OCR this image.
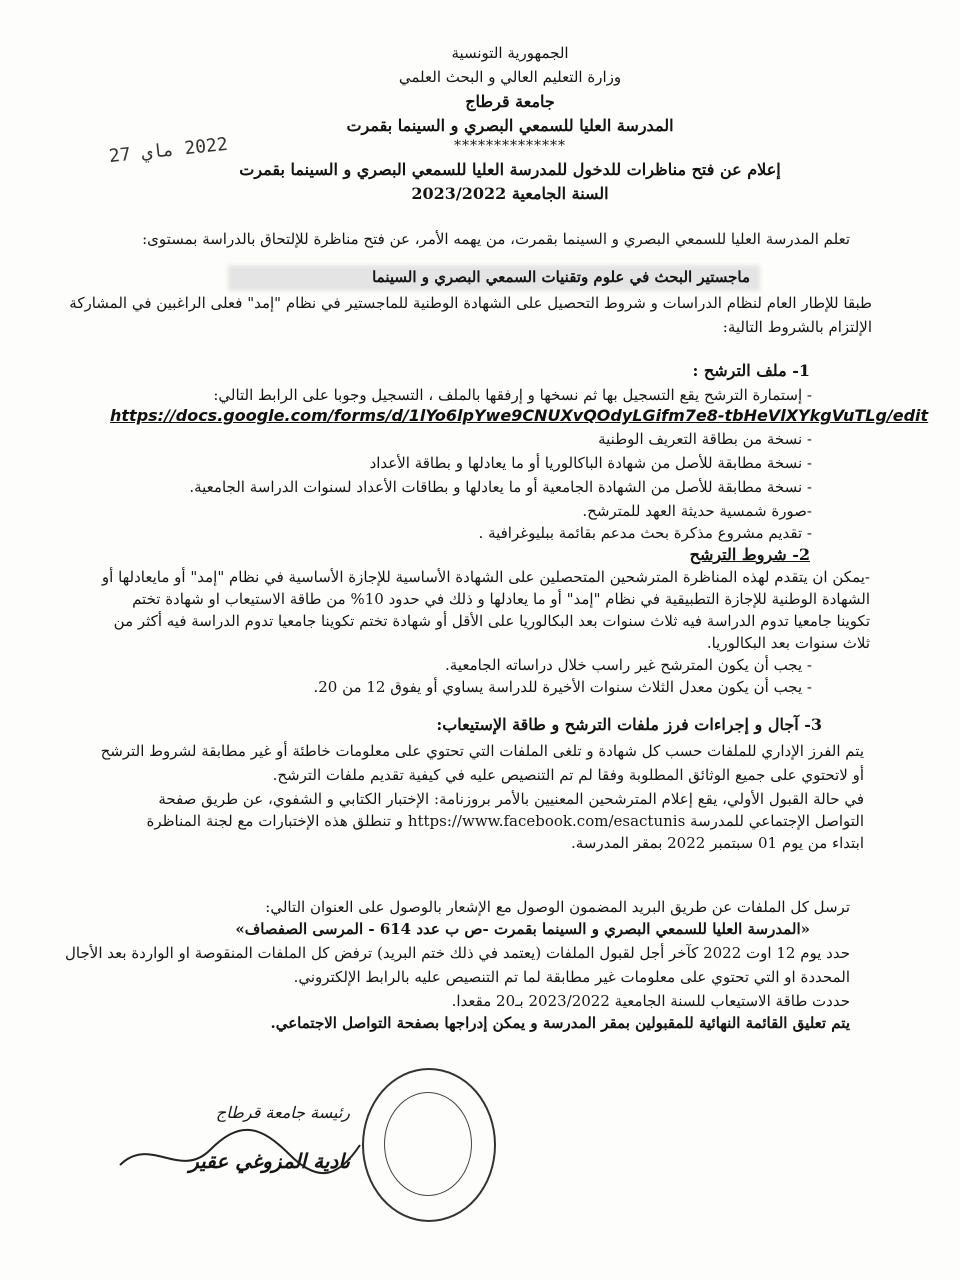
الجمهورية التونسية
وزارة التعليم العالي و البحث العلمي
جامعة قرطاج
المدرسة العليا للسمعي البصري و السينما بقمرت
**************
2022 ماي 27
إعلام عن فتح مناظرات للدخول للمدرسة العليا للسمعي البصري و السينما بقمرت
السنة الجامعية 2023/2022
تعلم المدرسة العليا للسمعي البصري و السينما بقمرت، من يهمه الأمر، عن فتح مناظرة للإلتحاق بالدراسة بمستوى:
ماجستير البحث في علوم وتقنيات السمعي البصري و السينما
طبقا للإطار العام لنظام الدراسات و شروط التحصيل على الشهادة الوطنية للماجستير في نظام "إمد" فعلى الراغبين في المشاركة
الإلتزام بالشروط التالية:
1- ملف الترشح :
- إستمارة الترشح يقع التسجيل بها ثم نسخها و إرفقها بالملف ، التسجيل وجوبا على الرابط التالي:
https://docs.google.com/forms/d/1lYo6lpYwe9CNUXvQOdyLGifm7e8-tbHeVlXYkgVuTLg/edit
- نسخة من بطاقة التعريف الوطنية
- نسخة مطابقة للأصل من شهادة الباكالوريا أو ما يعادلها و بطاقة الأعداد
- نسخة مطابقة للأصل من الشهادة الجامعية أو ما يعادلها و بطاقات الأعداد لسنوات الدراسة الجامعية.
-صورة شمسية حديثة العهد للمترشح.
- تقديم مشروع مذكرة بحث مدعم بقائمة ببليوغرافية .
2- شروط الترشح
-يمكن ان يتقدم لهذه المناظرة المترشحين المتحصلين على الشهادة الأساسية للإجازة الأساسية في نظام "إمد" أو مايعادلها أو
الشهادة الوطنية للإجازة التطبيقية في نظام "إمد" أو ما يعادلها و ذلك في حدود 10% من طاقة الاستيعاب او شهادة تختم
تكوينا جامعيا تدوم الدراسة فيه ثلاث سنوات بعد البكالوريا على الأقل أو شهادة تختم تكوينا جامعيا تدوم الدراسة فيه أكثر من
ثلاث سنوات بعد البكالوريا.
- يجب أن يكون المترشح غير راسب خلال دراساته الجامعية.
- يجب أن يكون معدل الثلاث سنوات الأخيرة للدراسة يساوي أو يفوق 12 من 20.
3- آجال و إجراءات فرز ملفات الترشح و طاقة الإستيعاب:
يتم الفرز الإداري للملفات حسب كل شهادة و تلغى الملفات التي تحتوي على معلومات خاطئة أو غير مطابقة لشروط الترشح
أو لاتحتوي على جميع الوثائق المطلوبة وفقا لم تم التنصيص عليه في كيفية تقديم ملفات الترشح.
في حالة القبول الأولي، يقع إعلام المترشحين المعنيين بالأمر بروزنامة: الإختبار الكتابي و الشفوي، عن طريق صفحة
التواصل الإجتماعي للمدرسة https://www.facebook.com/esactunis و تنطلق هذه الإختبارات مع لجنة المناظرة
ابتداء من يوم 01 سبتمبر 2022 بمقر المدرسة.
ترسل كل الملفات عن طريق البريد المضمون الوصول مع الإشعار بالوصول على العنوان التالي:
«المدرسة العليا للسمعي البصري و السينما بقمرت -ص ب عدد 614 - المرسى الصفصاف»
حدد يوم 12 اوت 2022 كآخر أجل لقبول الملفات (يعتمد في ذلك ختم البريد) ترفض كل الملفات المنقوصة او الواردة بعد الأجال
المحددة او التي تحتوي على معلومات غير مطابقة لما تم التنصيص عليه بالرابط الإلكتروني.
حددت طاقة الاستيعاب للسنة الجامعية 2023/2022 بـ20 مقعدا.
يتم تعليق القائمة النهائية للمقبولين بمقر المدرسة و يمكن إدراجها بصفحة التواصل الاجتماعي.
رئيسة جامعة قرطاج
نادية المزوغي عقير
